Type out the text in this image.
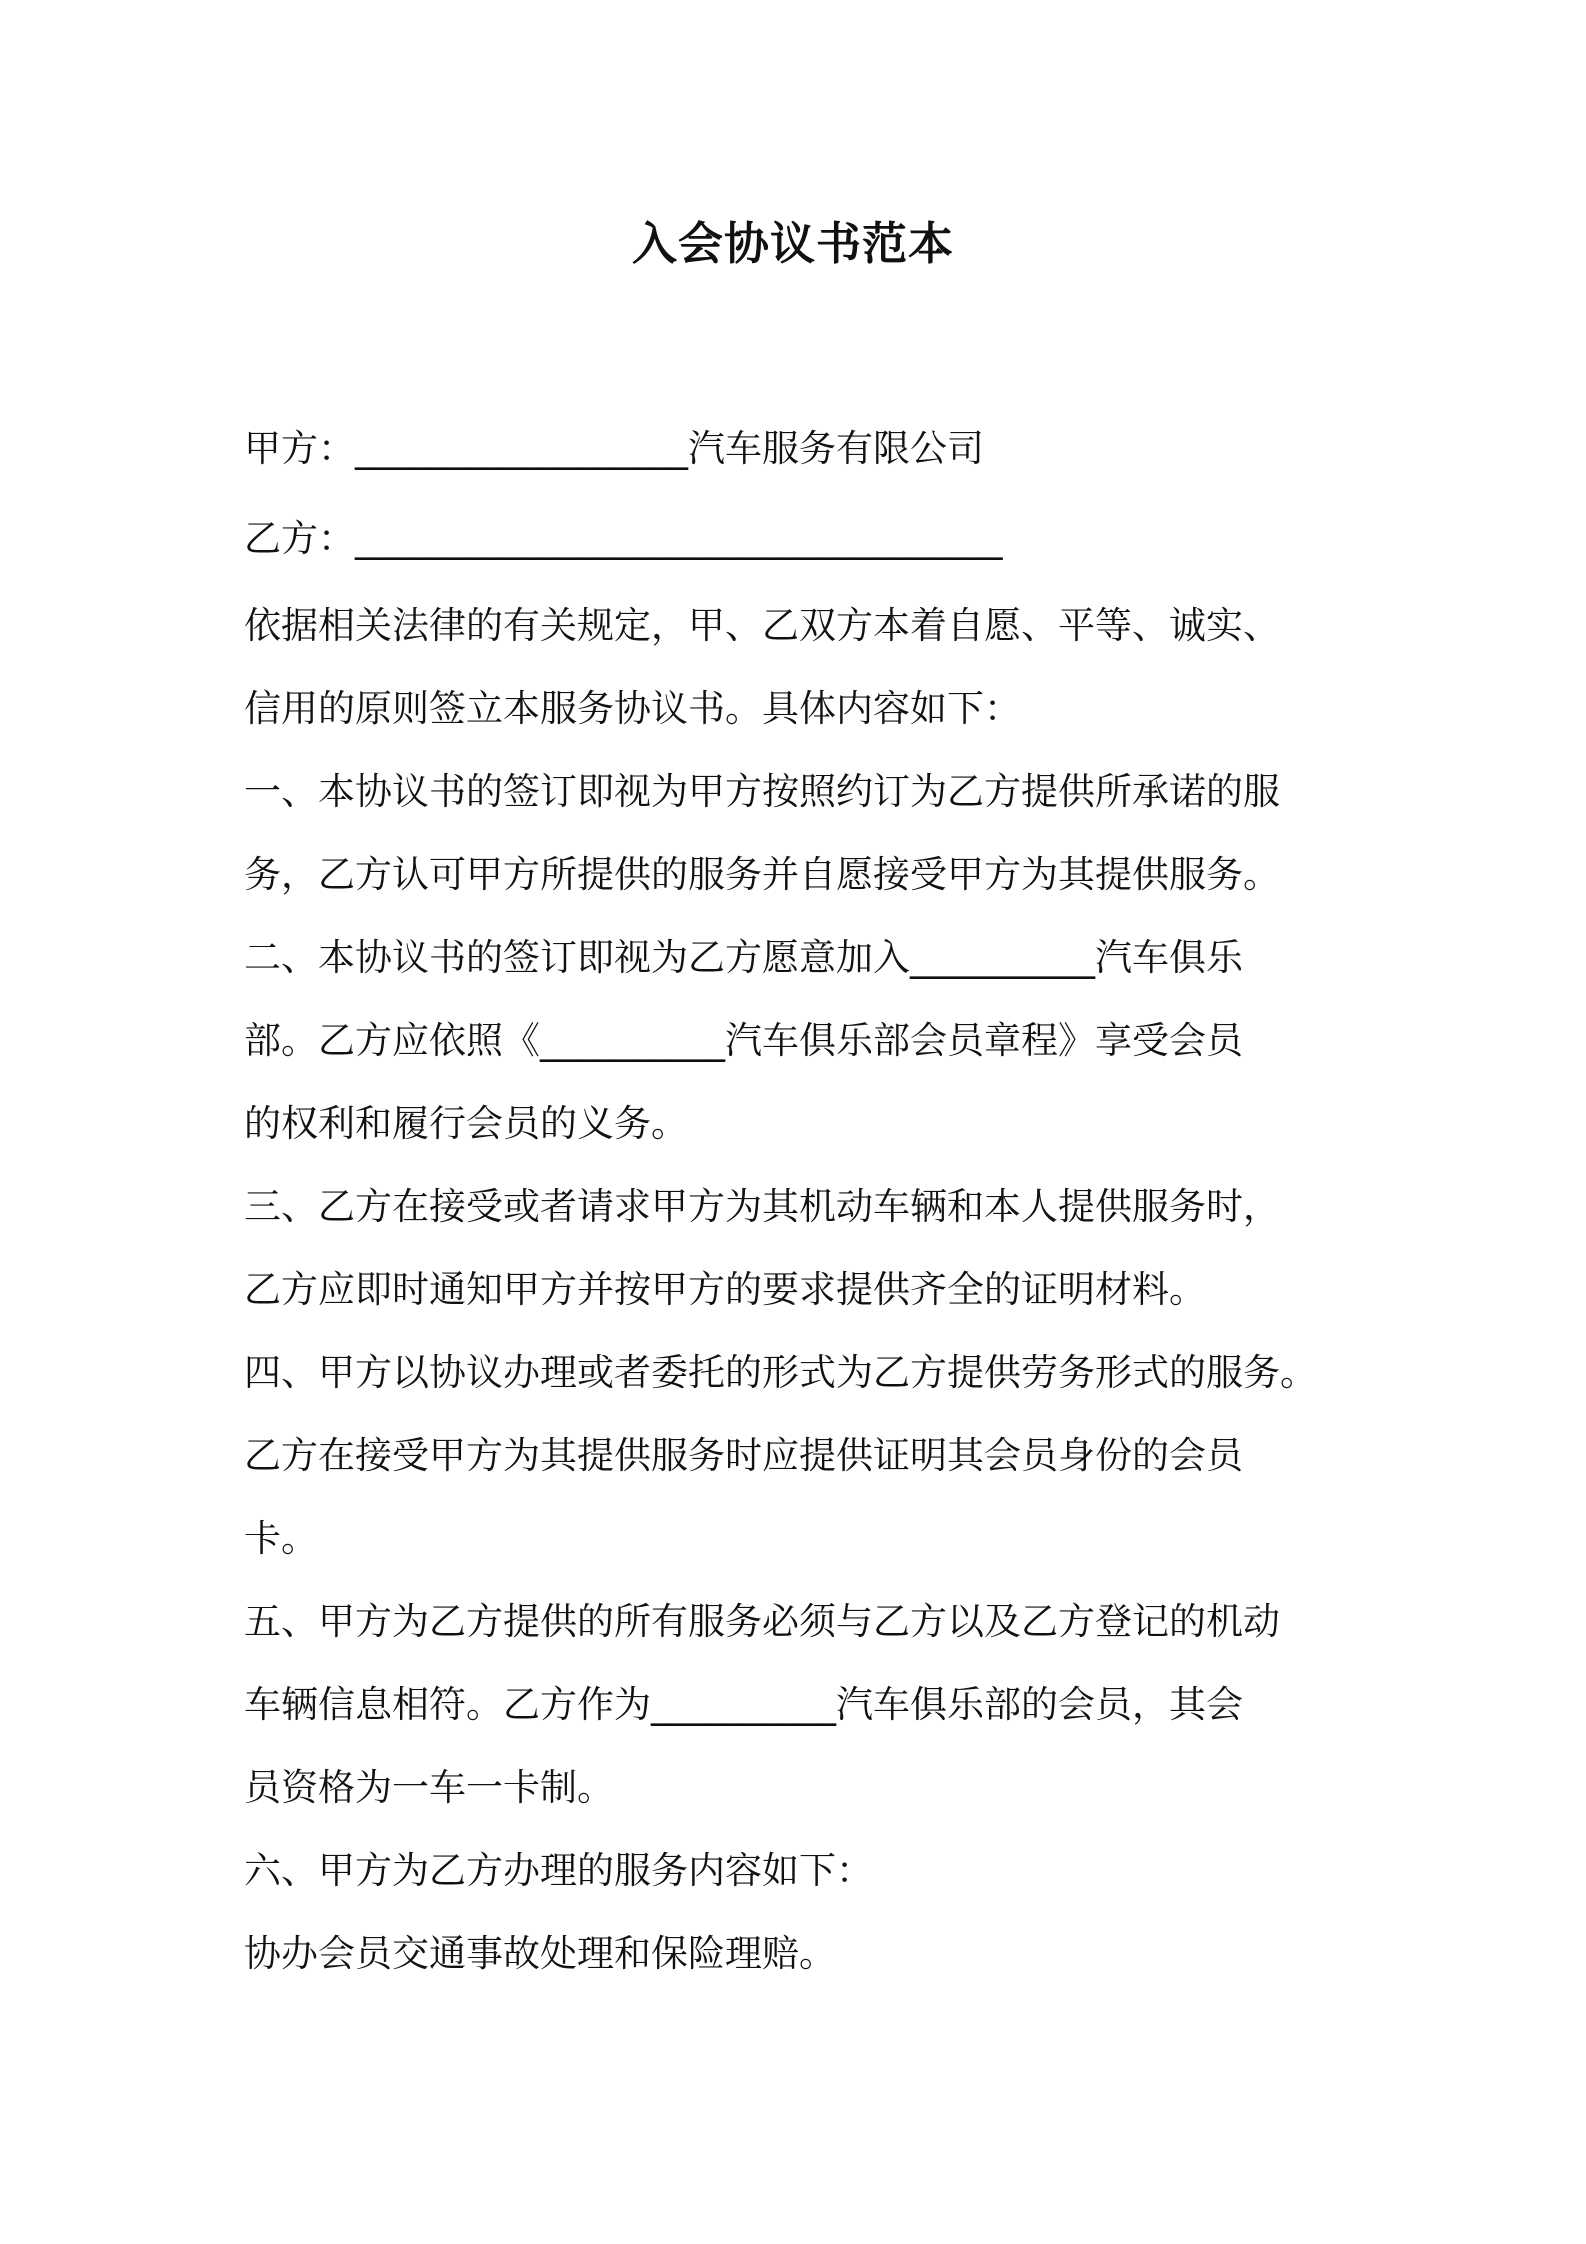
入会协议书范本

甲方：__________________汽车服务有限公司

乙方：___________________________________

依据相关法律的有关规定，甲、乙双方本着自愿、平等、诚实、

信用的原则签立本服务协议书。具体内容如下：

一、本协议书的签订即视为甲方按照约订为乙方提供所承诺的服

务，乙方认可甲方所提供的服务并自愿接受甲方为其提供服务。

二、本协议书的签订即视为乙方愿意加入__________汽车俱乐

部。乙方应依照《__________汽车俱乐部会员章程》享受会员

的权利和履行会员的义务。

三、乙方在接受或者请求甲方为其机动车辆和本人提供服务时，

乙方应即时通知甲方并按甲方的要求提供齐全的证明材料。

四、甲方以协议办理或者委托的形式为乙方提供劳务形式的服务。

乙方在接受甲方为其提供服务时应提供证明其会员身份的会员

卡。

五、甲方为乙方提供的所有服务必须与乙方以及乙方登记的机动

车辆信息相符。乙方作为__________汽车俱乐部的会员，其会

员资格为一车一卡制。

六、甲方为乙方办理的服务内容如下：

协办会员交通事故处理和保险理赔。
